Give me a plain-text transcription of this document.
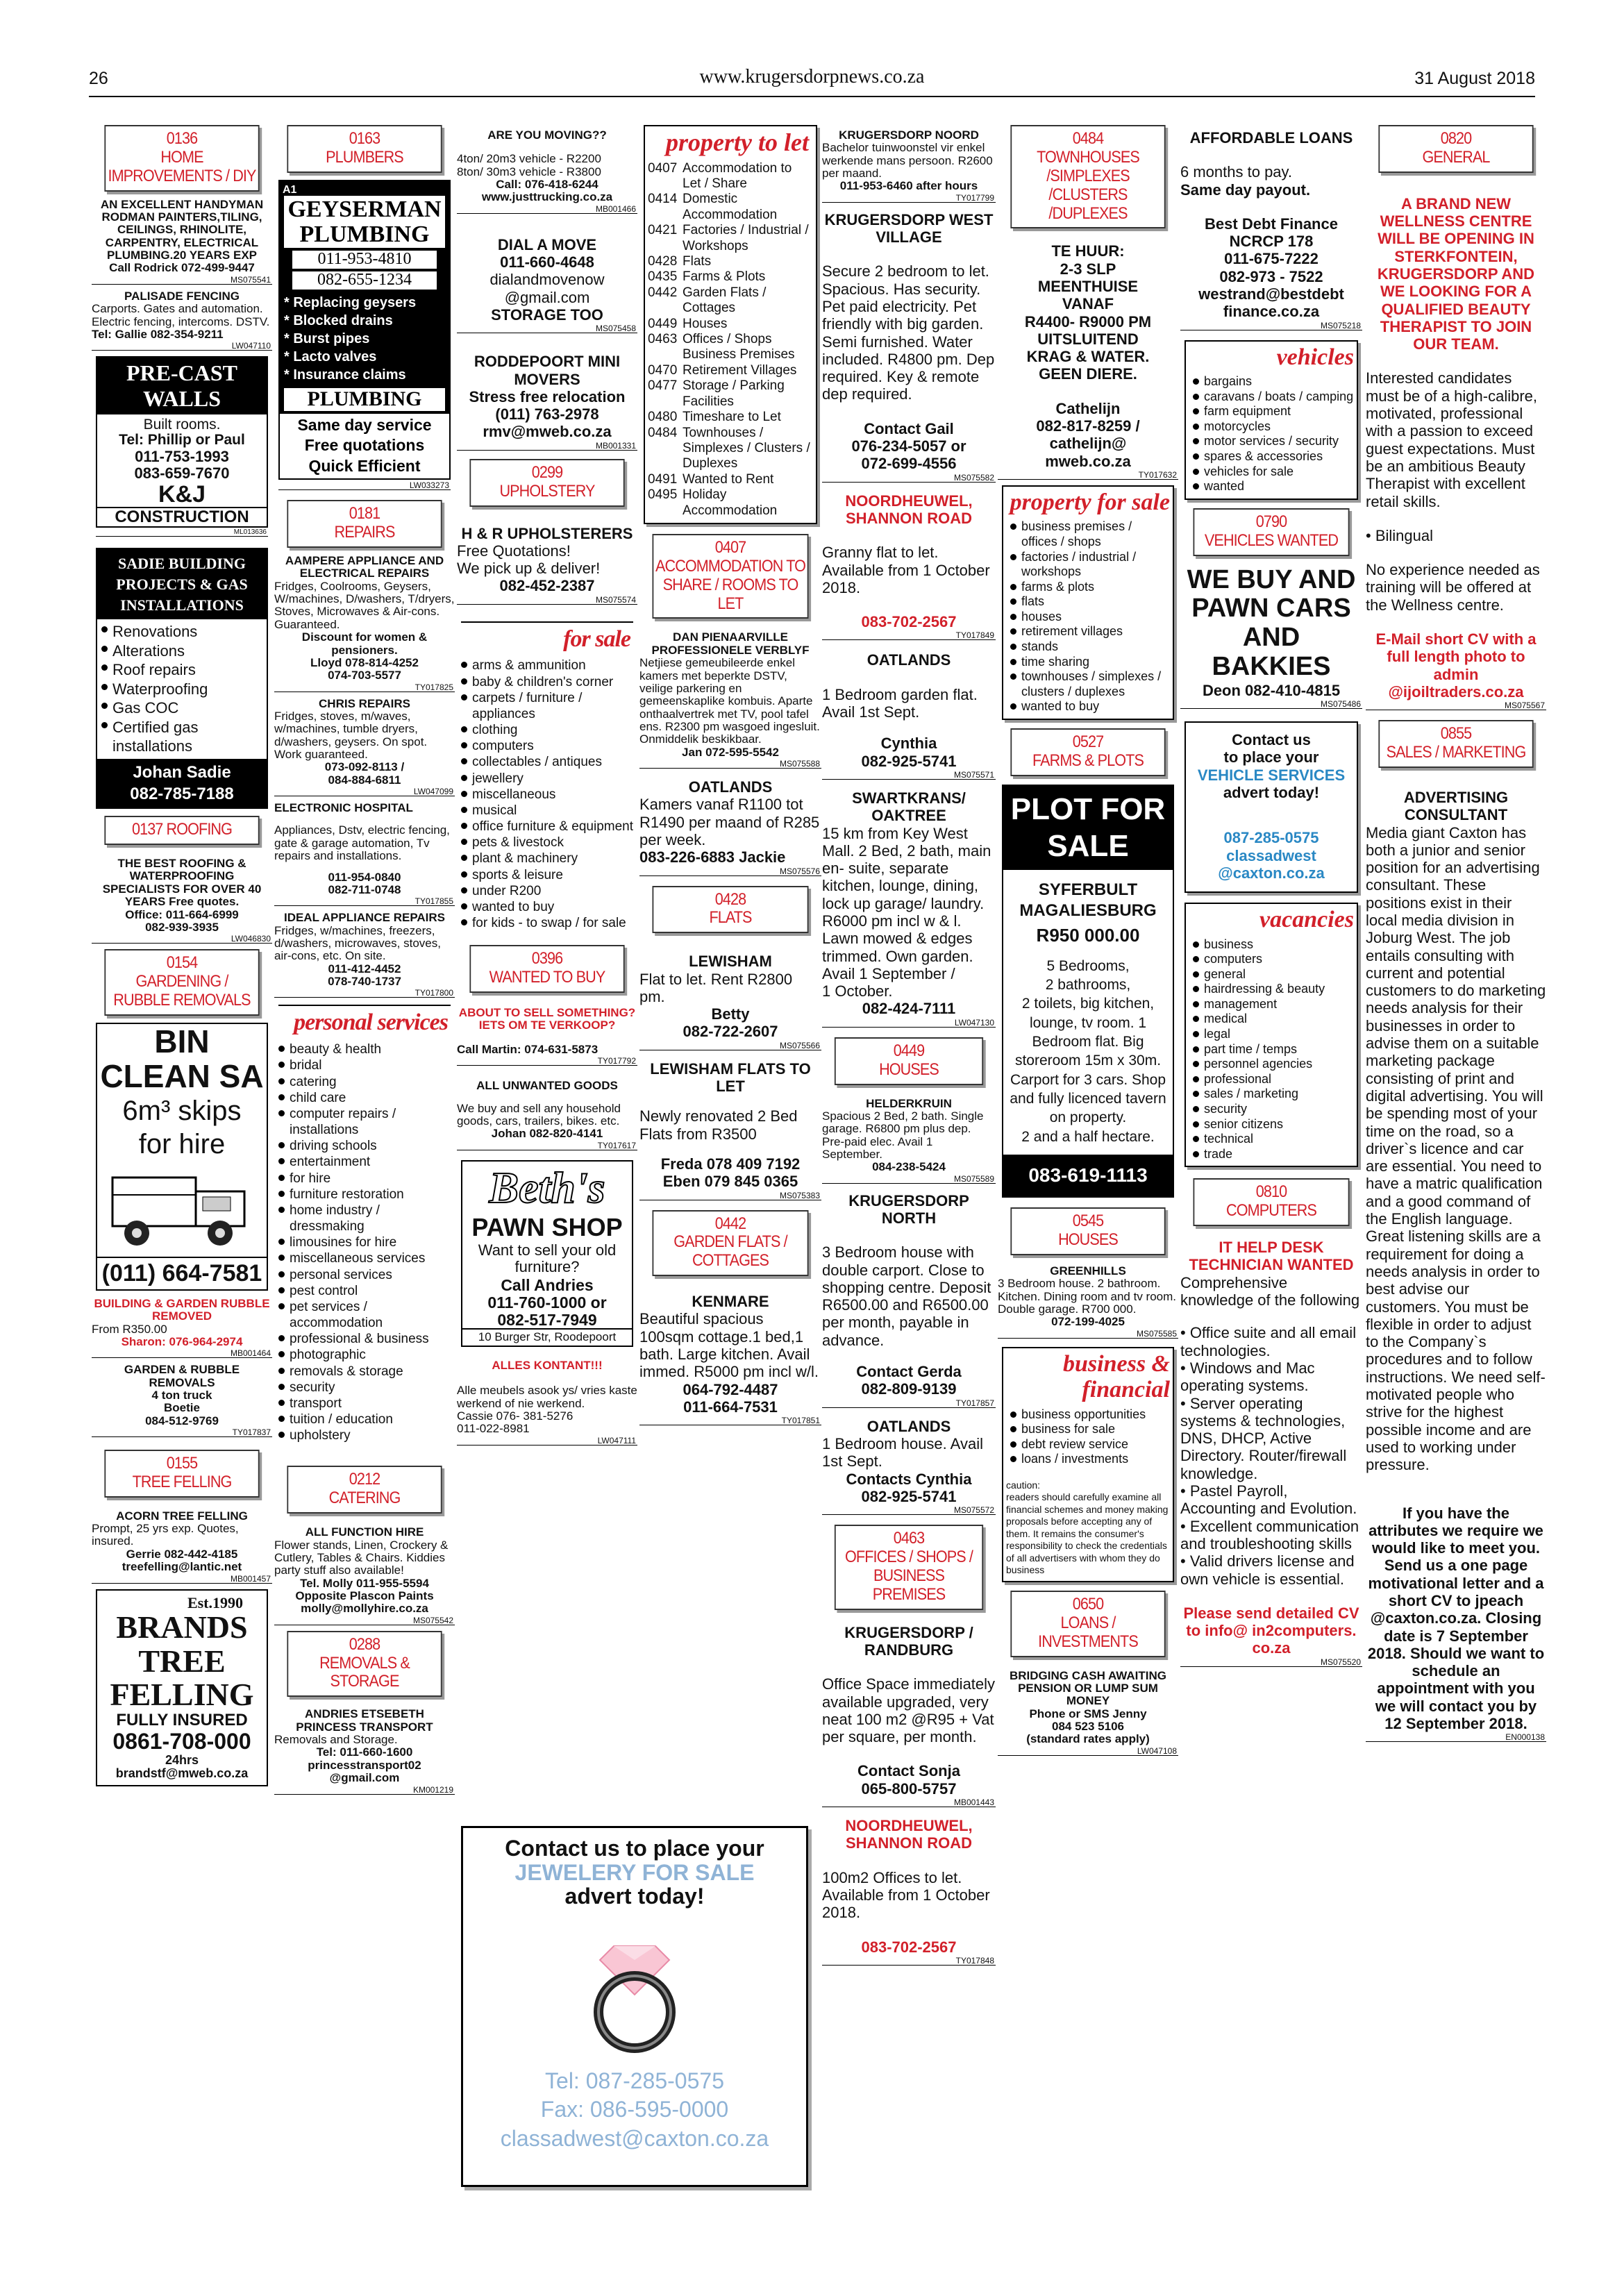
26	www.krugersdorpnews.co.za	31 August 2018
0136
HOME IMPROVEMENTS / DIY
AN EXCELLENT HANDYMAN RODMAN PAINTERS,TILING, CEILINGS, RHINOLITE, CARPENTRY, ELECTRICAL PLUMBING.20 YEARS EXP
Call Rodrick 072-499-9447
MS075541
PALISADE FENCING
Carports. Gates and automation. Electric fencing, intercoms. DSTV.
Tel: Gallie 082-354-9211
LW047110
PRE-CAST WALLS
Built rooms.
Tel: Phillip or Paul
011-753-1993
083-659-7670
K&J
CONSTRUCTION
ML013636
SADIE BUILDING PROJECTS & GAS INSTALLATIONS
Renovations
Alterations
Roof repairs
Waterproofing
Gas COC
Certified gas installations
Johan Sadie
082-785-7188
0137 ROOFING
THE BEST ROOFING & WATERPROOFING SPECIALISTS FOR OVER 40 YEARS Free quotes.
Office: 011-664-6999
082-939-3935
LW046830
0154
GARDENING / RUBBLE REMOVALS
BIN
CLEAN SA
6m³ skips
for hire
(011) 664-7581
BUILDING & GARDEN RUBBLE REMOVED
From R350.00
Sharon: 076-964-2974
MB001464
GARDEN & RUBBLE REMOVALS
4 ton truck
Boetie
084-512-9769
TY017837
0155
TREE FELLING
ACORN TREE FELLING
Prompt, 25 yrs exp. Quotes, insured.
Gerrie 082-442-4185
treefelling@lantic.net
MB001457
Est.1990
BRANDS
TREE
FELLING
FULLY INSURED
0861-708-000
24hrs
brandstf@mweb.co.za
0163
PLUMBERS
A1
GEYSERMAN PLUMBING
011-953-4810
082-655-1234
* Replacing geysers
* Blocked drains
* Burst pipes
* Lacto valves
* Insurance claims
PLUMBING
Same day service
Free quotations
Quick Efficient
LW033273
0181
REPAIRS
AAMPERE APPLIANCE AND ELECTRICAL REPAIRS
Fridges, Coolrooms, Geysers, W/machines, D/washers, T/dryers, Stoves, Microwaves & Air-cons. Guaranteed.
Discount for women & pensioners.
Lloyd 078-814-4252
074-703-5577
TY017825
CHRIS REPAIRS
Fridges, stoves, m/waves, w/machines, tumble dryers, d/washers, geysers. On spot. Work guaranteed.
073-092-8113 /
084-884-6811
LW047099
ELECTRONIC HOSPITAL
Appliances, Dstv, electric fencing, gate & garage automation, Tv repairs and installations.
011-954-0840
082-711-0748
TY017855
IDEAL APPLIANCE REPAIRS
Fridges, w/machines, freezers, d/washers, microwaves, stoves, air-cons, etc. On site.
011-412-4452
078-740-1737
TY017800
personal services
beauty & health
bridal
catering
child care
computer repairs / installations
driving schools
entertainment
for hire
furniture restoration
home industry / dressmaking
limousines for hire
miscellaneous services
personal services
pest control
pet services / accommodation
professional & business
photographic
removals & storage
security
transport
tuition / education
upholstery
0212
CATERING
ALL FUNCTION HIRE
Flower stands, Linen, Crockery & Cutlery, Tables & Chairs. Kiddies party stuff also available!
Tel. Molly 011-955-5594
Opposite Plascon Paints
molly@mollyhire.co.za
MS075542
0288
REMOVALS & STORAGE
ANDRIES ETSEBETH PRINCESS TRANSPORT
Removals and Storage.
Tel: 011-660-1600
princesstransport02
@gmail.com
KM001219
ARE YOU MOVING??
4ton/ 20m3 vehicle - R2200
8ton/ 30m3 vehicle - R3800
Call: 076-418-6244
www.justtrucking.co.za
MB001466
DIAL A MOVE
011-660-4648
dialandmovenow
@gmail.com
STORAGE TOO
MS075458
RODDEPOORT MINI MOVERS
Stress free relocation
(011) 763-2978
rmv@mweb.co.za
MB001331
0299
UPHOLSTERY
H & R UPHOLSTERERS
Free Quotations!
We pick up & deliver!
082-452-2387
MS075574
for sale
arms & ammunition
baby & children's corner
carpets / furniture / appliances
clothing
computers
collectables / antiques
jewellery
miscellaneous
musical
office furniture & equipment
pets & livestock
plant & machinery
sports & leisure
under R200
wanted to buy
for kids - to swap / for sale
0396
WANTED TO BUY
ABOUT TO SELL SOMETHING? IETS OM TE VERKOOP?
Call Martin: 074-631-5873
TY017792
ALL UNWANTED GOODS
We buy and sell any household goods, cars, trailers, bikes. etc.
Johan 082-820-4141
TY017617
Beth's
PAWN SHOP
Want to sell your old furniture?
Call Andries
011-760-1000 or
082-517-7949
10 Burger Str, Roodepoort
ALLES KONTANT!!!
Alle meubels asook ys/ vries kaste werkend of nie werkend.
Cassie 076- 381-5276
011-022-8981
LW047111
Contact us to place your
JEWELERY FOR SALE
advert today!
Tel: 087-285-0575
Fax: 086-595-0000
classadwest@caxton.co.za
property to let
0407 Accommodation to Let / Share
0414 Domestic Accommodation
0421 Factories / Industrial / Workshops
0428 Flats
0435 Farms & Plots
0442 Garden Flats / Cottages
0449 Houses
0463 Offices / Shops Business Premises
0470 Retirement Villages
0477 Storage / Parking Facilities
0480 Timeshare to Let
0484 Townhouses / Simplexes / Clusters / Duplexes
0491 Wanted to Rent
0495 Holiday Accommodation
0407
ACCOMMODATION TO SHARE / ROOMS TO LET
DAN PIENAARVILLE PROFESSIONELE VERBLYF
Netjiese gemeubileerde enkel kamers met beperkte DSTV, veilige parkering en gemeenskaplike kombuis. Aparte onthaalvertrek met TV, pool tafel ens. R2300 pm wasgoed ingesluit. Onmiddelik beskikbaar.
Jan 072-595-5542
MS075588
OATLANDS
Kamers vanaf R1100 tot R1490 per maand of R285 per week.
083-226-6883 Jackie
MS075576
0428
FLATS
LEWISHAM
Flat to let. Rent R2800 pm.
Betty
082-722-2607
MS075566
LEWISHAM FLATS TO LET
Newly renovated 2 Bed Flats from R3500
Freda 078 409 7192
Eben 079 845 0365
MS075383
0442
GARDEN FLATS / COTTAGES
KENMARE
Beautiful spacious 100sqm cottage.1 bed,1 bath. Large kitchen. Avail immed. R5000 pm incl w/l.
064-792-4487
011-664-7531
TY017851
KRUGERSDORP NOORD
Bachelor tuinwoonstel vir enkel werkende mans persoon. R2600 per maand.
011-953-6460 after hours
TY017799
KRUGERSDORP WEST VILLAGE
Secure 2 bedroom to let. Spacious. Has security. Pet paid electricity. Pet friendly with big garden. Semi furnished. Water included. R4800 pm. Dep required. Key & remote dep required.
Contact Gail
076-234-5057 or
072-699-4556
MS075582
NOORDHEUWEL, SHANNON ROAD
Granny flat to let. Available from 1 October 2018.
083-702-2567
TY017849
OATLANDS
1 Bedroom garden flat. Avail 1st Sept.
Cynthia
082-925-5741
MS075571
SWARTKRANS/ OAKTREE
15 km from Key West Mall. 2 Bed, 2 bath, main en- suite, separate kitchen, lounge, dining, lock up garage/ laundry. R6000 pm incl w & l. Lawn mowed & edges trimmed. Own garden. Avail 1 September /
1 October.
082-424-7111
LW047130
0449
HOUSES
HELDERKRUIN
Spacious 2 Bed, 2 bath. Single garage. R6800 pm plus dep. Pre-paid elec. Avail 1 September.
084-238-5424
MS075589
KRUGERSDORP NORTH
3 Bedroom house with double carport. Close to shopping centre. Deposit R6500.00 and R6500.00 per month, payable in advance.
Contact Gerda
082-809-9139
TY017857
OATLANDS
1 Bedroom house. Avail 1st Sept.
Contacts Cynthia
082-925-5741
MS075572
0463
OFFICES / SHOPS / BUSINESS PREMISES
KRUGERSDORP / RANDBURG
Office Space immediately available upgraded, very neat 100 m2 @R95 + Vat per square, per month.
Contact Sonja
065-800-5757
MB001443
NOORDHEUWEL, SHANNON ROAD
100m2 Offices to let. Available from 1 October 2018.
083-702-2567
TY017848
0484
TOWNHOUSES /SIMPLEXES /CLUSTERS /DUPLEXES
TE HUUR:
2-3 SLP
MEENTHUISE
VANAF
R4400- R9000 PM
UITSLUITEND
KRAG & WATER.
GEEN DIERE.
Cathelijn
082-817-8259 /
cathelijn@
mweb.co.za
TY017632
property for sale
business premises / offices / shops
factories / industrial / workshops
farms & plots
flats
houses
retirement villages
stands
time sharing
townhouses / simplexes / clusters / duplexes
wanted to buy
0527
FARMS & PLOTS
PLOT FOR SALE
SYFERBULT MAGALIESBURG
R950 000.00
5 Bedrooms,
2 bathrooms,
2 toilets, big kitchen, lounge, tv room. 1 Bedroom flat. Big storeroom 15m x 30m. Carport for 3 cars. Shop and fully licenced tavern on property.
2 and a half hectare.
083-619-1113
0545
HOUSES
GREENHILLS
3 Bedroom house. 2 bathroom. Kitchen. Dining room and tv room. Double garage. R700 000.
072-199-4025
MS075585
business & financial
business opportunities
business for sale
debt review service
loans / investments
caution:
readers should carefully examine all financial schemes and money making proposals before accepting any of them. It remains the consumer's responsibility to check the credentials of all advertisers with whom they do business
0650
LOANS / INVESTMENTS
BRIDGING CASH AWAITING PENSION OR LUMP SUM MONEY
Phone or SMS Jenny
084 523 5106
(standard rates apply)
LW047108
AFFORDABLE LOANS
6 months to pay.
Same day payout.
Best Debt Finance NCRCP 178
011-675-7222
082-973 - 7522
westrand@bestdebt finance.co.za
MS075218
vehicles
bargains
caravans / boats / camping
farm equipment
motorcycles
motor services / security
spares & accessories
vehicles for sale
wanted
0790
VEHICLES WANTED
WE BUY AND PAWN CARS AND BAKKIES
Deon 082-410-4815
MS075486
Contact us
to place your
VEHICLE SERVICES
advert today!
087-285-0575
classadwest
@caxton.co.za
vacancies
business
computers
general
hairdressing & beauty
management
medical
legal
part time / temps
personnel agencies
professional
sales / marketing
security
senior citizens
technical
trade
0810
COMPUTERS
IT HELP DESK TECHNICIAN WANTED
Comprehensive knowledge of the following
• Office suite and all email technologies.
• Windows and Mac operating systems.
• Server operating systems & technologies, DNS, DHCP, Active Directory. Router/firewall knowledge.
• Pastel Payroll, Accounting and Evolution.
• Excellent communication and troubleshooting skills
• Valid drivers license and own vehicle is essential.
Please send detailed CV to info@ in2computers. co.za
MS075520
0820
GENERAL
A BRAND NEW WELLNESS CENTRE WILL BE OPENING IN STERKFONTEIN, KRUGERSDORP AND WE LOOKING FOR A QUALIFIED BEAUTY THERAPIST TO JOIN OUR TEAM.
Interested candidates must be of a high-calibre, motivated, professional with a passion to exceed guest expectations. Must be an ambitious Beauty Therapist with excellent retail skills.
• Bilingual
No experience needed as training will be offered at the Wellness centre.
E-Mail short CV with a full length photo to admin @ijoiltraders.co.za
MS075567
0855
SALES / MARKETING
ADVERTISING CONSULTANT
Media giant Caxton has both a junior and senior position for an advertising consultant. These positions exist in their local media division in Joburg West. The job entails consulting with current and potential customers to do marketing needs analysis for their businesses in order to advise them on a suitable marketing package consisting of print and digital advertising. You will be spending most of your time on the road, so a driver`s licence and car are essential. You need to have a matric qualification and a good command of the English language. Great listening skills are a requirement for doing a needs analysis in order to best advise our customers. You must be flexible in order to adjust to the Company`s procedures and to follow instructions. We need self-motivated people who strive for the highest possible income and are used to working under pressure.
If you have the attributes we require we would like to meet you. Send us a one page motivational letter and a short CV to jpeach @caxton.co.za. Closing date is 7 September 2018. Should we want to schedule an appointment with you we will contact you by 12 September 2018.
EN000138
